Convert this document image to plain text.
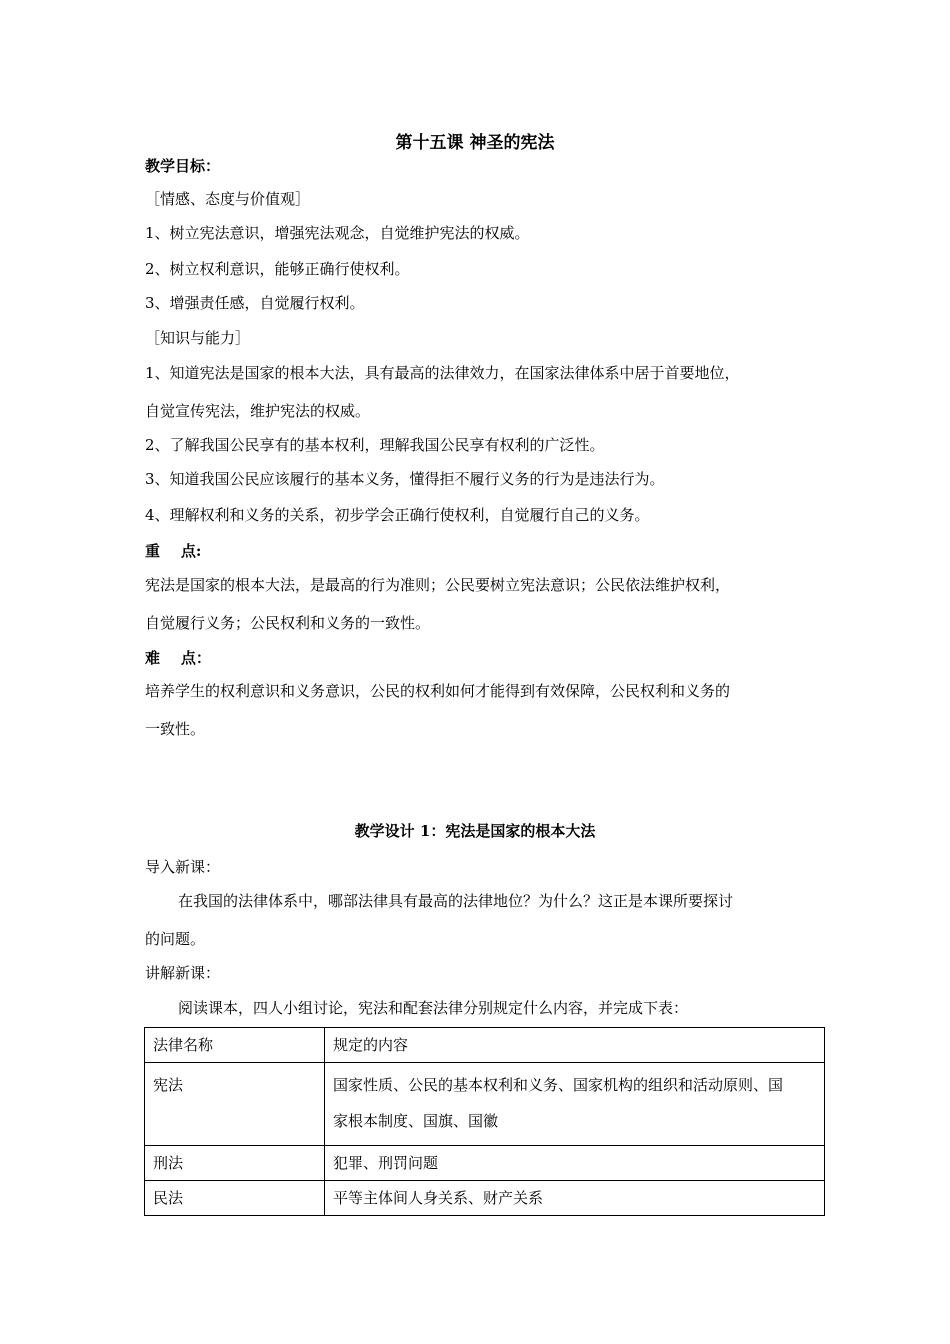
第十五课 神圣的宪法
教学目标：
［情感、态度与价值观］
1、树立宪法意识，增强宪法观念，自觉维护宪法的权威。
2、树立权利意识，能够正确行使权利。
3、增强责任感，自觉履行权利。
［知识与能力］
1、知道宪法是国家的根本大法，具有最高的法律效力，在国家法律体系中居于首要地位，
自觉宣传宪法，维护宪法的权威。
2、了解我国公民享有的基本权利，理解我国公民享有权利的广泛性。
3、知道我国公民应该履行的基本义务，懂得拒不履行义务的行为是违法行为。
4、理解权利和义务的关系，初步学会正确行使权利，自觉履行自己的义务。
重    点:
宪法是国家的根本大法，是最高的行为准则；公民要树立宪法意识；公民依法维护权利，
自觉履行义务；公民权利和义务的一致性。
难    点：
培养学生的权利意识和义务意识，公民的权利如何才能得到有效保障，公民权利和义务的
一致性。
教学设计 1：宪法是国家的根本大法
导入新课：
在我国的法律体系中，哪部法律具有最高的法律地位？为什么？这正是本课所要探讨
的问题。
讲解新课：
阅读课本，四人小组讨论，宪法和配套法律分别规定什么内容，并完成下表：
法律名称	规定的内容
宪法	国家性质、公民的基本权利和义务、国家机构的组织和活动原则、国
家根本制度、国旗、国徽

刑法	犯罪、刑罚问题
民法	平等主体间人身关系、财产关系
